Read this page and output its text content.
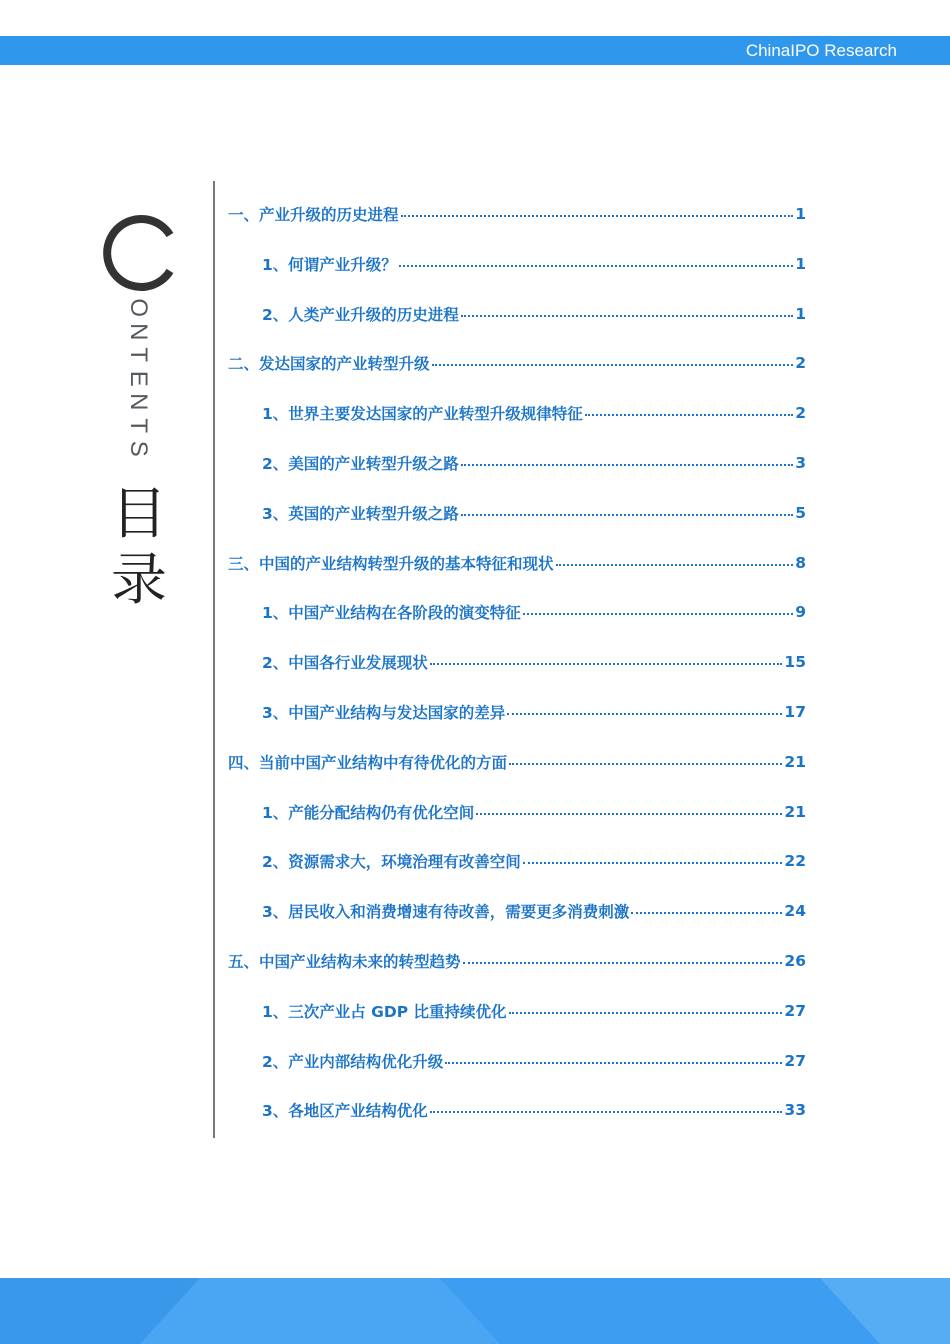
ChinaIPO Research
O
N
T
E
N
T
S
目
录
一、产业升级的历史进程	1
1、何谓产业升级？	1
2、人类产业升级的历史进程	1
二、发达国家的产业转型升级	2
1、世界主要发达国家的产业转型升级规律特征	2
2、美国的产业转型升级之路	3
3、英国的产业转型升级之路	5
三、中国的产业结构转型升级的基本特征和现状	8
1、中国产业结构在各阶段的演变特征	9
2、中国各行业发展现状	15
3、中国产业结构与发达国家的差异	17
四、当前中国产业结构中有待优化的方面	21
1、产能分配结构仍有优化空间	21
2、资源需求大，环境治理有改善空间	22
3、居民收入和消费增速有待改善，需要更多消费刺激	24
五、中国产业结构未来的转型趋势	26
1、三次产业占 GDP 比重持续优化	27
2、产业内部结构优化升级	27
3、各地区产业结构优化	33
